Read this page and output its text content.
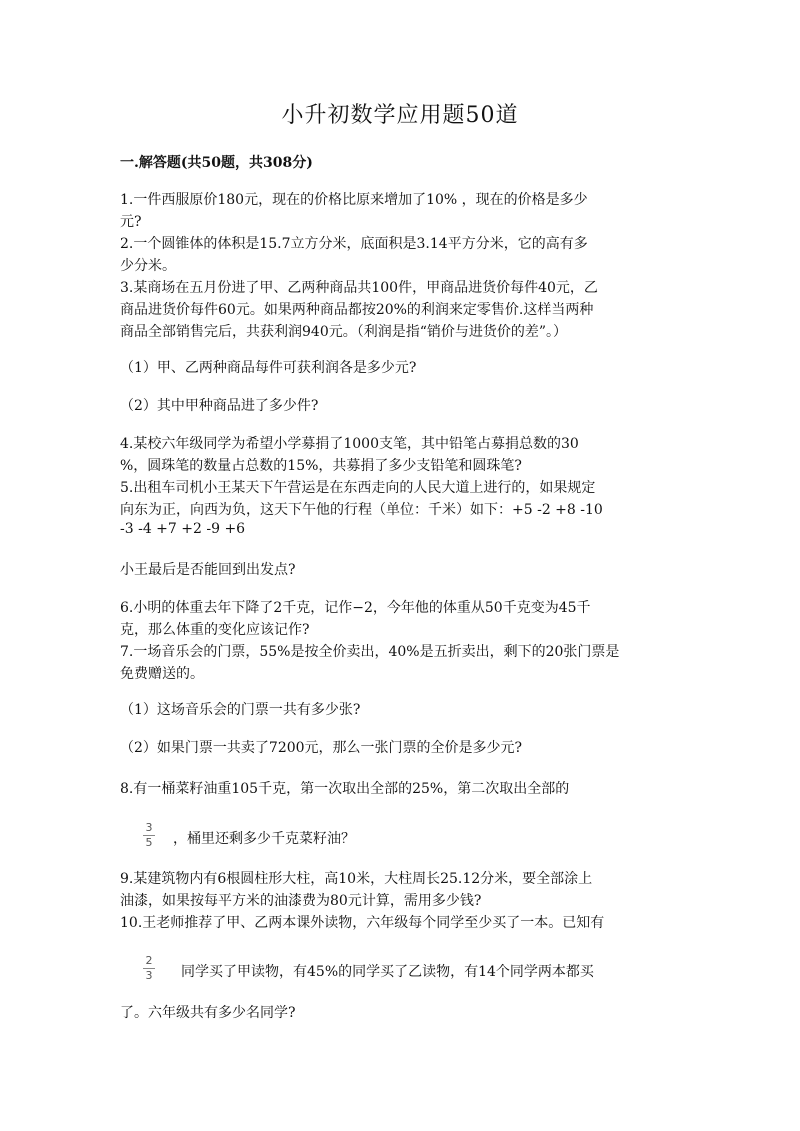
小升初数学应用题50道
一.解答题(共50题，共308分)
1.一件西服原价180元，现在的价格比原来增加了10% ，现在的价格是多少
元?
2.一个圆锥体的体积是15.7立方分米，底面积是3.14平方分米，它的高有多
少分米。
3.某商场在五月份进了甲、乙两种商品共100件，甲商品进货价每件40元，乙
商品进货价每件60元。如果两种商品都按20%的利润来定零售价.这样当两种
商品全部销售完后，共获利润940元。（利润是指“销价与进货价的差”。）
（1）甲、乙两种商品每件可获利润各是多少元?
（2）其中甲种商品进了多少件?
4.某校六年级同学为希望小学募捐了1000支笔，其中铅笔占募捐总数的30
%，圆珠笔的数量占总数的15%，共募捐了多少支铅笔和圆珠笔?
5.出租车司机小王某天下午营运是在东西走向的人民大道上进行的，如果规定
向东为正，向西为负，这天下午他的行程（单位：千米）如下：+5 -2 +8 -10
-3 -4 +7 +2 -9 +6
小王最后是否能回到出发点?
6.小明的体重去年下降了2千克，记作−2，今年他的体重从50千克变为45千
克，那么体重的变化应该记作?
7.一场音乐会的门票，55%是按全价卖出，40%是五折卖出，剩下的20张门票是
免费赠送的。
（1）这场音乐会的门票一共有多少张?
（2）如果门票一共卖了7200元，那么一张门票的全价是多少元?
8.有一桶菜籽油重105千克，第一次取出全部的25%，第二次取出全部的
3
5 ，桶里还剩多少千克菜籽油？
9.某建筑物内有6根圆柱形大柱，高10米，大柱周长25.12分米，要全部涂上
油漆，如果按每平方米的油漆费为80元计算，需用多少钱?
10.王老师推荐了甲、乙两本课外读物，六年级每个同学至少买了一本。已知有
2
3 同学买了甲读物，有45%的同学买了乙读物，有14个同学两本都买
了。六年级共有多少名同学?
